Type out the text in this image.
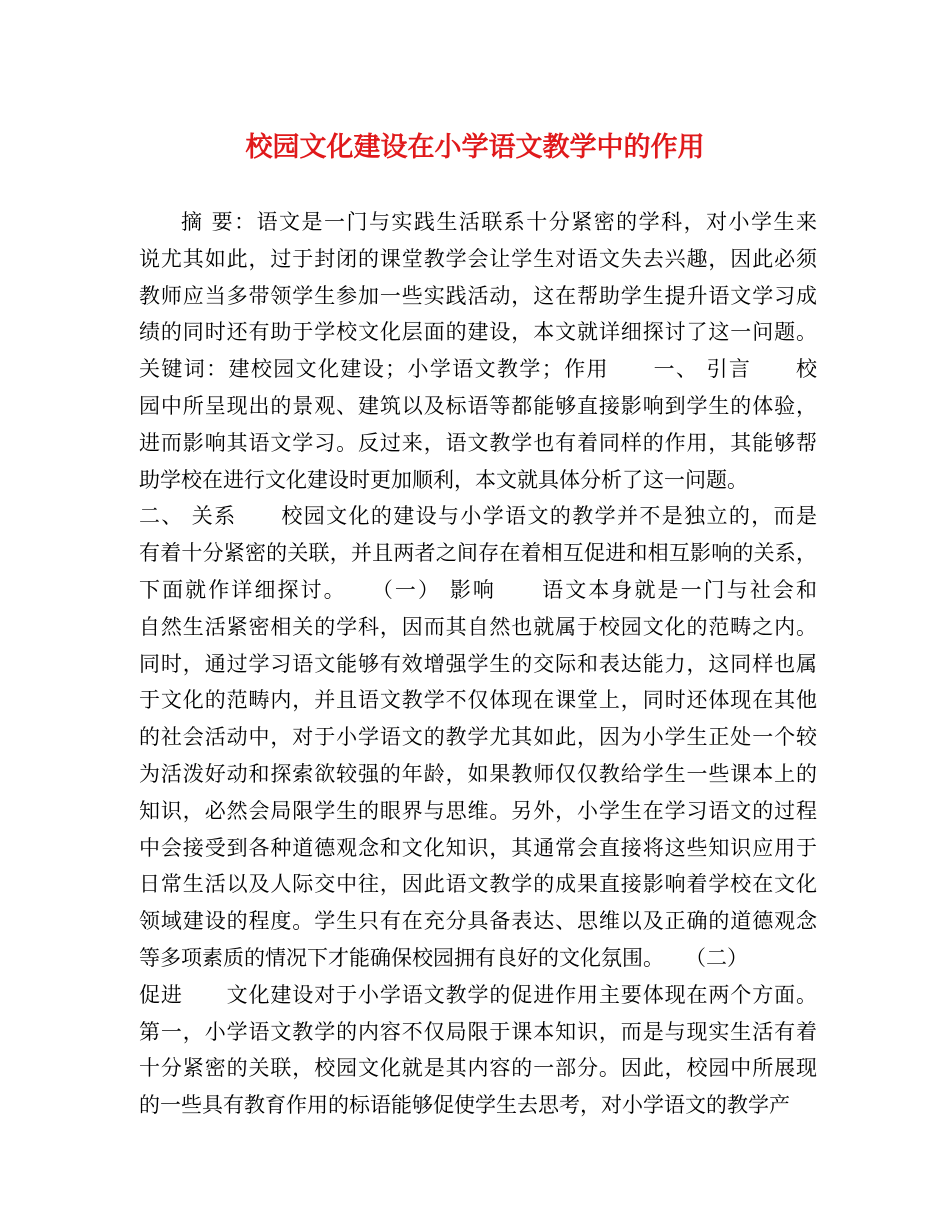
校园文化建设在小学语文教学中的作用
摘 要：语文是一门与实践生活联系十分紧密的学科，对小学生来
说尤其如此，过于封闭的课堂教学会让学生对语文失去兴趣，因此必须
教师应当多带领学生参加一些实践活动，这在帮助学生提升语文学习成
绩的同时还有助于学校文化层面的建设，本文就详细探讨了这一问题。
关键词：建校园文化建设；小学语文教学；作用　　一、 引言　　校
园中所呈现出的景观、建筑以及标语等都能够直接影响到学生的体验，
进而影响其语文学习。反过来，语文教学也有着同样的作用，其能够帮
助学校在进行文化建设时更加顺利，本文就具体分析了这一问题。
二、 关系　　校园文化的建设与小学语文的教学并不是独立的，而是
有着十分紧密的关联，并且两者之间存在着相互促进和相互影响的关系，
下面就作详细探讨。　　（一） 影响　　语文本身就是一门与社会和
自然生活紧密相关的学科，因而其自然也就属于校园文化的范畴之内。
同时，通过学习语文能够有效增强学生的交际和表达能力，这同样也属
于文化的范畴内，并且语文教学不仅体现在课堂上，同时还体现在其他
的社会活动中，对于小学语文的教学尤其如此，因为小学生正处一个较
为活泼好动和探索欲较强的年龄，如果教师仅仅教给学生一些课本上的
知识，必然会局限学生的眼界与思维。另外，小学生在学习语文的过程
中会接受到各种道德观念和文化知识，其通常会直接将这些知识应用于
日常生活以及人际交中往，因此语文教学的成果直接影响着学校在文化
领域建设的程度。学生只有在充分具备表达、思维以及正确的道德观念
等多项素质的情况下才能确保校园拥有良好的文化氛围。　　（二）
促进　　文化建设对于小学语文教学的促进作用主要体现在两个方面。
第一，小学语文教学的内容不仅局限于课本知识，而是与现实生活有着
十分紧密的关联，校园文化就是其内容的一部分。因此，校园中所展现
的一些具有教育作用的标语能够促使学生去思考，对小学语文的教学产
